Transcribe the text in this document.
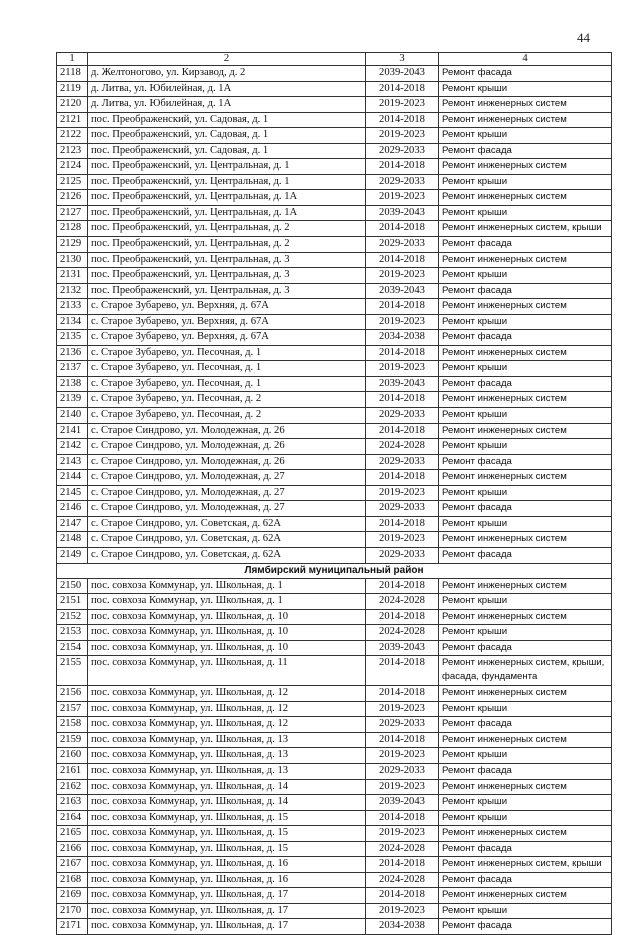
44
1	2	3	4
2118	д. Желтоногово, ул. Кирзавод, д. 2	2039-2043	Ремонт фасада
2119	д. Литва, ул. Юбилейная, д. 1А	2014-2018	Ремонт крыши
2120	д. Литва, ул. Юбилейная, д. 1А	2019-2023	Ремонт инженерных систем
2121	пос. Преображенский, ул. Садовая, д. 1	2014-2018	Ремонт инженерных систем
2122	пос. Преображенский, ул. Садовая, д. 1	2019-2023	Ремонт крыши
2123	пос. Преображенский, ул. Садовая, д. 1	2029-2033	Ремонт фасада
2124	пос. Преображенский, ул. Центральная, д. 1	2014-2018	Ремонт инженерных систем
2125	пос. Преображенский, ул. Центральная, д. 1	2029-2033	Ремонт крыши
2126	пос. Преображенский, ул. Центральная, д. 1А	2019-2023	Ремонт инженерных систем
2127	пос. Преображенский, ул. Центральная, д. 1А	2039-2043	Ремонт крыши
2128	пос. Преображенский, ул. Центральная, д. 2	2014-2018	Ремонт инженерных систем, крыши
2129	пос. Преображенский, ул. Центральная, д. 2	2029-2033	Ремонт фасада
2130	пос. Преображенский, ул. Центральная, д. 3	2014-2018	Ремонт инженерных систем
2131	пос. Преображенский, ул. Центральная, д. 3	2019-2023	Ремонт крыши
2132	пос. Преображенский, ул. Центральная, д. 3	2039-2043	Ремонт фасада
2133	с. Старое Зубарево, ул. Верхняя, д. 67А	2014-2018	Ремонт инженерных систем
2134	с. Старое Зубарево, ул. Верхняя, д. 67А	2019-2023	Ремонт крыши
2135	с. Старое Зубарево, ул. Верхняя, д. 67А	2034-2038	Ремонт фасада
2136	с. Старое Зубарево, ул. Песочная, д. 1	2014-2018	Ремонт инженерных систем
2137	с. Старое Зубарево, ул. Песочная, д. 1	2019-2023	Ремонт крыши
2138	с. Старое Зубарево, ул. Песочная, д. 1	2039-2043	Ремонт фасада
2139	с. Старое Зубарево, ул. Песочная, д. 2	2014-2018	Ремонт инженерных систем
2140	с. Старое Зубарево, ул. Песочная, д. 2	2029-2033	Ремонт крыши
2141	с. Старое Синдрово, ул. Молодежная, д. 26	2014-2018	Ремонт инженерных систем
2142	с. Старое Синдрово, ул. Молодежная, д. 26	2024-2028	Ремонт крыши
2143	с. Старое Синдрово, ул. Молодежная, д. 26	2029-2033	Ремонт фасада
2144	с. Старое Синдрово, ул. Молодежная, д. 27	2014-2018	Ремонт инженерных систем
2145	с. Старое Синдрово, ул. Молодежная, д. 27	2019-2023	Ремонт крыши
2146	с. Старое Синдрово, ул. Молодежная, д. 27	2029-2033	Ремонт фасада
2147	с. Старое Синдрово, ул. Советская, д. 62А	2014-2018	Ремонт крыши
2148	с. Старое Синдрово, ул. Советская, д. 62А	2019-2023	Ремонт инженерных систем
2149	с. Старое Синдрово, ул. Советская, д. 62А	2029-2033	Ремонт фасада
Лямбирский муниципальный район			
2150	пос. совхоза Коммунар, ул. Школьная, д. 1	2014-2018	Ремонт инженерных систем
2151	пос. совхоза Коммунар, ул. Школьная, д. 1	2024-2028	Ремонт крыши
2152	пос. совхоза Коммунар, ул. Школьная, д. 10	2014-2018	Ремонт инженерных систем
2153	пос. совхоза Коммунар, ул. Школьная, д. 10	2024-2028	Ремонт крыши
2154	пос. совхоза Коммунар, ул. Школьная, д. 10	2039-2043	Ремонт фасада
2155	пос. совхоза Коммунар, ул. Школьная, д. 11	2014-2018	Ремонт инженерных систем, крыши, фасада, фундамента
2156	пос. совхоза Коммунар, ул. Школьная, д. 12	2014-2018	Ремонт инженерных систем
2157	пос. совхоза Коммунар, ул. Школьная, д. 12	2019-2023	Ремонт крыши
2158	пос. совхоза Коммунар, ул. Школьная, д. 12	2029-2033	Ремонт фасада
2159	пос. совхоза Коммунар, ул. Школьная, д. 13	2014-2018	Ремонт инженерных систем
2160	пос. совхоза Коммунар, ул. Школьная, д. 13	2019-2023	Ремонт крыши
2161	пос. совхоза Коммунар, ул. Школьная, д. 13	2029-2033	Ремонт фасада
2162	пос. совхоза Коммунар, ул. Школьная, д. 14	2019-2023	Ремонт инженерных систем
2163	пос. совхоза Коммунар, ул. Школьная, д. 14	2039-2043	Ремонт крыши
2164	пос. совхоза Коммунар, ул. Школьная, д. 15	2014-2018	Ремонт крыши
2165	пос. совхоза Коммунар, ул. Школьная, д. 15	2019-2023	Ремонт инженерных систем
2166	пос. совхоза Коммунар, ул. Школьная, д. 15	2024-2028	Ремонт фасада
2167	пос. совхоза Коммунар, ул. Школьная, д. 16	2014-2018	Ремонт инженерных систем, крыши
2168	пос. совхоза Коммунар, ул. Школьная, д. 16	2024-2028	Ремонт фасада
2169	пос. совхоза Коммунар, ул. Школьная, д. 17	2014-2018	Ремонт инженерных систем
2170	пос. совхоза Коммунар, ул. Школьная, д. 17	2019-2023	Ремонт крыши
2171	пос. совхоза Коммунар, ул. Школьная, д. 17	2034-2038	Ремонт фасада
